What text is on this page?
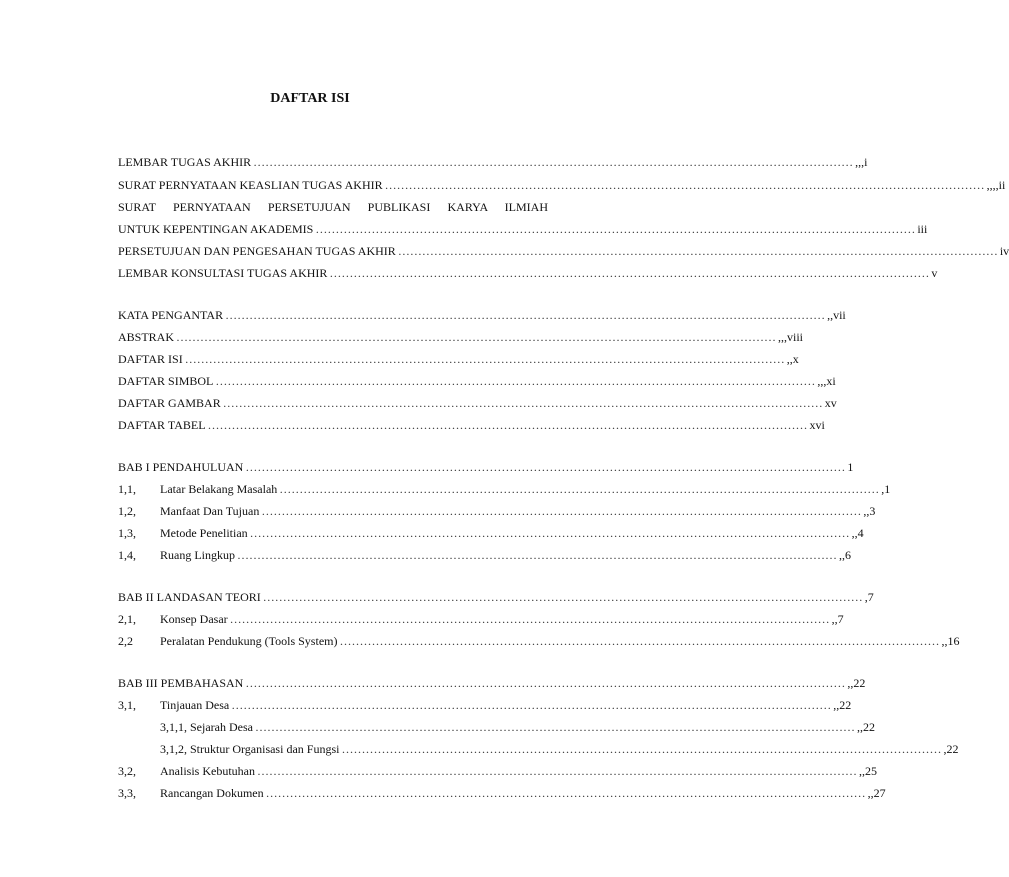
DAFTAR ISI
LEMBAR TUGAS AKHIR …………………………………………………………………………………………………………………………………… ,,,i
SURAT PERNYATAAN KEASLIAN TUGAS AKHIR …………………………………………………………………………………………………………………………………… ,,,,ii
SURAT PERNYATAAN PERSETUJUAN PUBLIKASI KARYA ILMIAH
UNTUK KEPENTINGAN AKADEMIS …………………………………………………………………………………………………………………………………… iii
PERSETUJUAN DAN PENGESAHAN TUGAS AKHIR …………………………………………………………………………………………………………………………………… iv
LEMBAR KONSULTASI TUGAS AKHIR …………………………………………………………………………………………………………………………………… v
KATA PENGANTAR …………………………………………………………………………………………………………………………………… ,,vii
ABSTRAK …………………………………………………………………………………………………………………………………… ,,,viii
DAFTAR ISI …………………………………………………………………………………………………………………………………… ,,x
DAFTAR SIMBOL …………………………………………………………………………………………………………………………………… ,,,xi
DAFTAR GAMBAR …………………………………………………………………………………………………………………………………… xv
DAFTAR TABEL …………………………………………………………………………………………………………………………………… xvi
BAB I PENDAHULUAN …………………………………………………………………………………………………………………………………… 1
1,1,	Latar Belakang Masalah …………………………………………………………………………………………………………………………………… ,1
1,2,	Manfaat Dan Tujuan …………………………………………………………………………………………………………………………………… ,,3
1,3,	Metode Penelitian …………………………………………………………………………………………………………………………………… ,,4
1,4,	Ruang Lingkup …………………………………………………………………………………………………………………………………… ,,6
BAB II LANDASAN TEORI …………………………………………………………………………………………………………………………………… ,7
2,1,	Konsep Dasar …………………………………………………………………………………………………………………………………… ,,7
2,2	Peralatan Pendukung (Tools System) …………………………………………………………………………………………………………………………………… ,,16
BAB III PEMBAHASAN …………………………………………………………………………………………………………………………………… ,,22
3,1,	Tinjauan Desa …………………………………………………………………………………………………………………………………… ,,22
3,1,1, Sejarah Desa …………………………………………………………………………………………………………………………………… ,,22
3,1,2, Struktur Organisasi dan Fungsi …………………………………………………………………………………………………………………………………… ,22
3,2,	Analisis Kebutuhan …………………………………………………………………………………………………………………………………… ,,25
3,3,	Rancangan Dokumen …………………………………………………………………………………………………………………………………… ,,27
